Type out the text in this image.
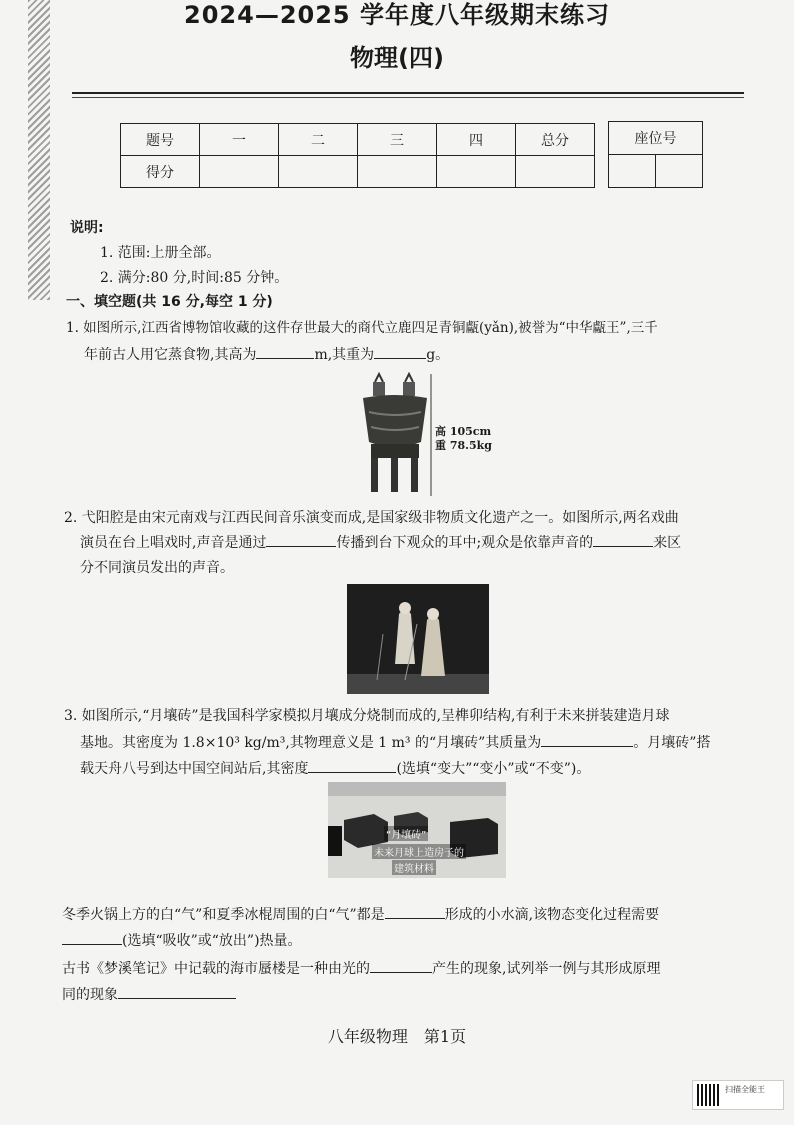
2024—2025 学年度八年级期末练习
物理(四)
题号	一	二	三	四	总分
得分					
座位号

说明:
1. 范围:上册全部。
2. 满分:80 分,时间:85 分钟。
一、填空题(共 16 分,每空 1 分)
1. 如图所示,江西省博物馆收藏的这件存世最大的商代立鹿四足青铜甗(yǎn),被誉为“中华甗王”,三千
年前古人用它蒸食物,其高为	m,其重为	g。
高 105cm
重 78.5kg
2. 弋阳腔是由宋元南戏与江西民间音乐演变而成,是国家级非物质文化遗产之一。如图所示,两名戏曲
演员在台上唱戏时,声音是通过	传播到台下观众的耳中;观众是依靠声音的	来区
分不同演员发出的声音。
3. 如图所示,“月壤砖”是我国科学家模拟月壤成分烧制而成的,呈榫卯结构,有利于未来拼装建造月球
基地。其密度为 1.8×10³ kg/m³,其物理意义是 1 m³ 的“月壤砖”其质量为	。月壤砖”搭
载天舟八号到达中国空间站后,其密度	(选填“变大”“变小”或“不变”)。
“月壤砖”
未来月球上造房子的
建筑材料
冬季火锅上方的白“气”和夏季冰棍周围的白“气”都是	形成的小水滴,该物态变化过程需要
(选填“吸收”或“放出”)热量。
古书《梦溪笔记》中记载的海市蜃楼是一种由光的	产生的现象,试列举一例与其形成原理
同的现象
八年级物理　第1页
扫描全能王
